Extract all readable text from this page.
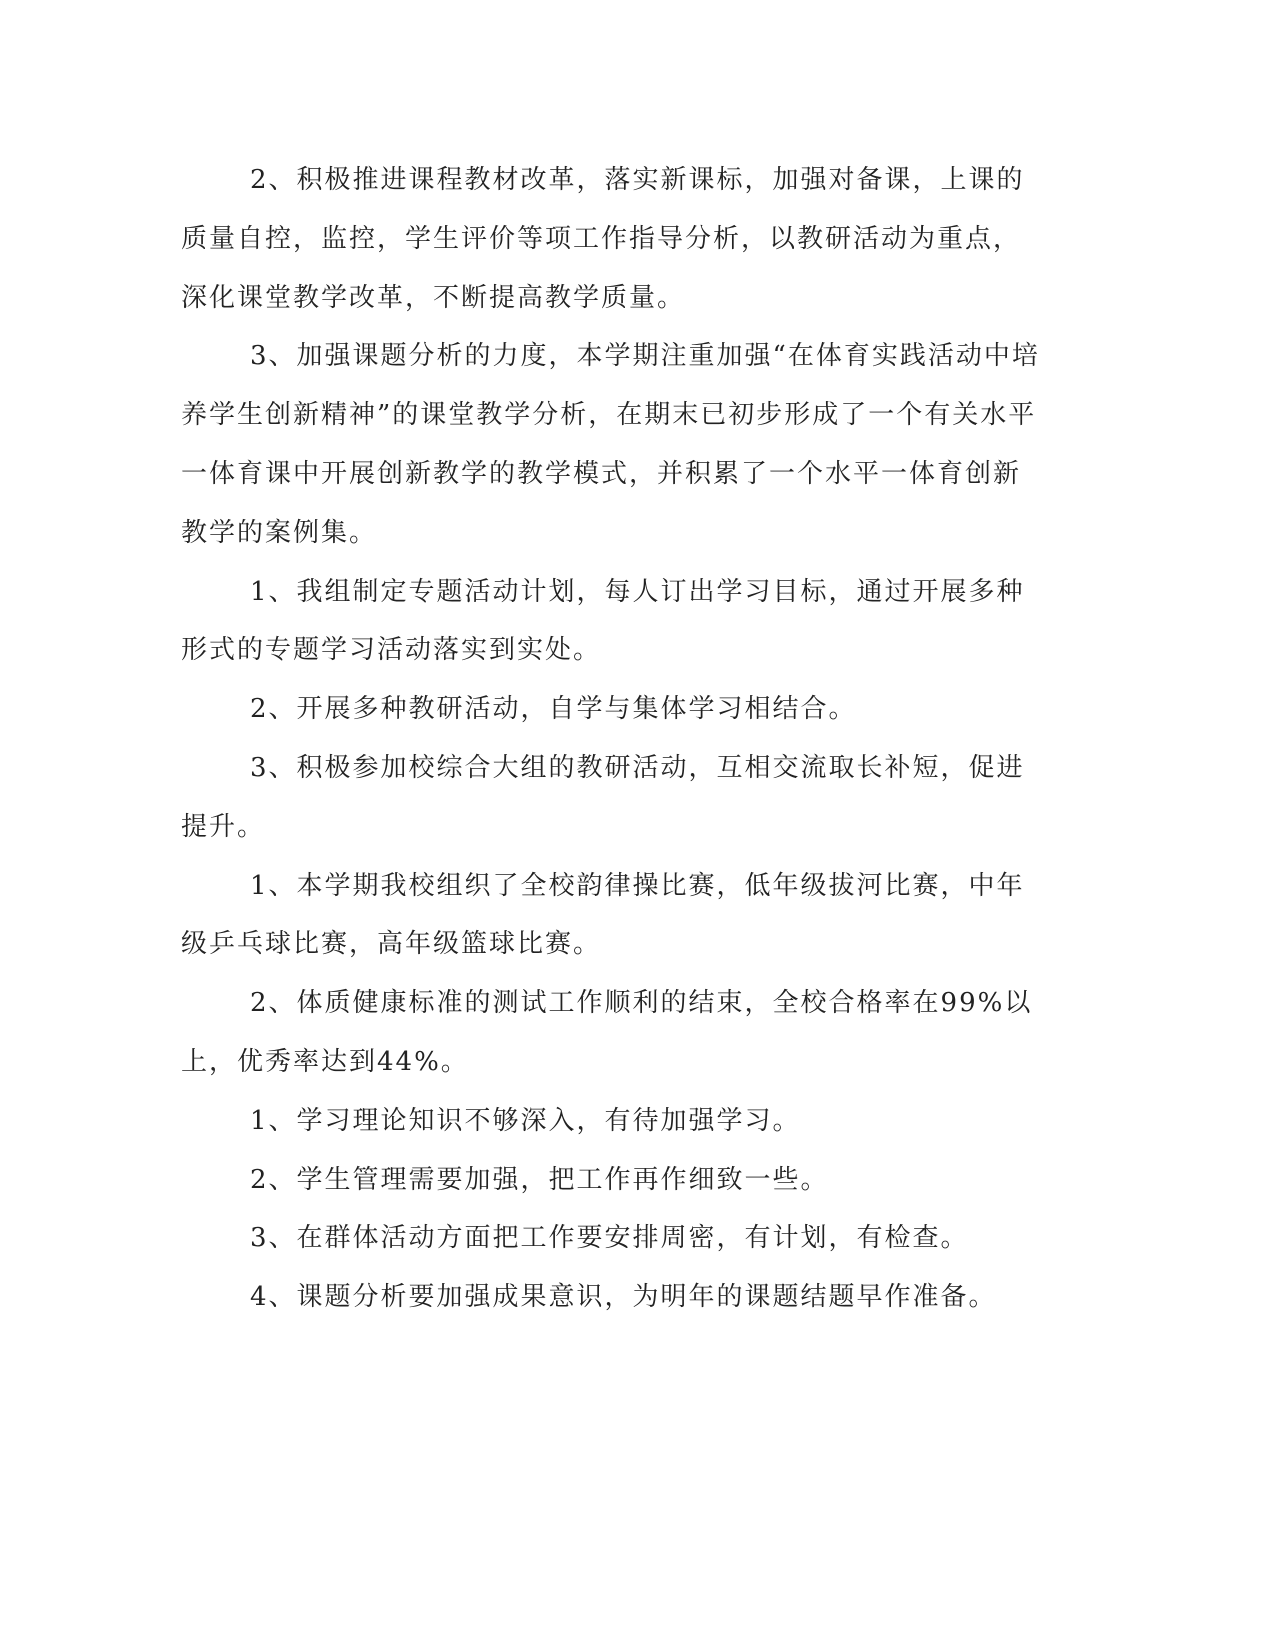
2、积极推进课程教材改革，落实新课标，加强对备课，上课的
质量自控，监控，学生评价等项工作指导分析，以教研活动为重点，
深化课堂教学改革，不断提高教学质量。
3、加强课题分析的力度，本学期注重加强“在体育实践活动中培
养学生创新精神”的课堂教学分析，在期末已初步形成了一个有关水平
一体育课中开展创新教学的教学模式，并积累了一个水平一体育创新
教学的案例集。
1、我组制定专题活动计划，每人订出学习目标，通过开展多种
形式的专题学习活动落实到实处。
2、开展多种教研活动，自学与集体学习相结合。
3、积极参加校综合大组的教研活动，互相交流取长补短，促进
提升。
1、本学期我校组织了全校韵律操比赛，低年级拔河比赛，中年
级乒乓球比赛，高年级篮球比赛。
2、体质健康标准的测试工作顺利的结束，全校合格率在99%以
上，优秀率达到44%。
1、学习理论知识不够深入，有待加强学习。
2、学生管理需要加强，把工作再作细致一些。
3、在群体活动方面把工作要安排周密，有计划，有检查。
4、课题分析要加强成果意识，为明年的课题结题早作准备。
